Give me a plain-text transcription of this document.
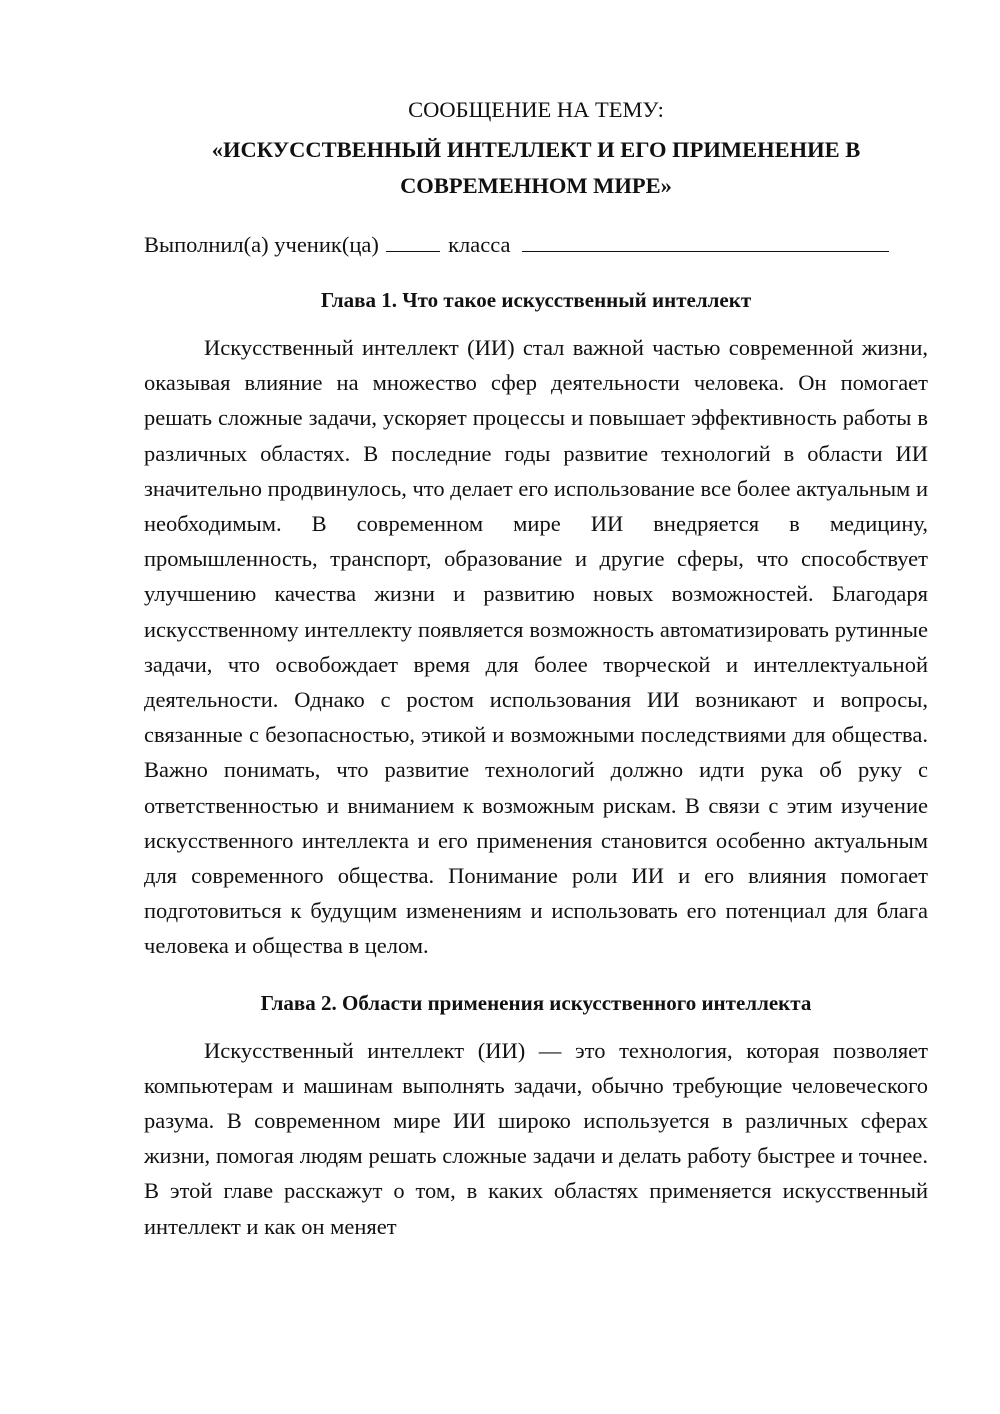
СООБЩЕНИЕ НА ТЕМУ:

«ИСКУССТВЕННЫЙ ИНТЕЛЛЕКТ И ЕГО ПРИМЕНЕНИЕ В
СОВРЕМЕННОМ МИРЕ»

Выполнил(а) ученик(ца)	класса

Глава 1. Что такое искусственный интеллект

Искусственный интеллект (ИИ) стал важной частью современной жизни, оказывая влияние на множество сфер деятельности человека. Он помогает решать сложные задачи, ускоряет процессы и повышает эффективность работы в различных областях. В последние годы развитие технологий в области ИИ значительно продвинулось, что делает его использование все более актуальным и необходимым. В современном мире ИИ внедряется в медицину, промышленность, транспорт, образование и другие сферы, что способствует улучшению качества жизни и развитию новых возможностей. Благодаря искусственному интеллекту появляется возможность автоматизировать рутинные задачи, что освобождает время для более творческой и интеллектуальной деятельности. Однако с ростом использования ИИ возникают и вопросы, связанные с безопасностью, этикой и возможными последствиями для общества. Важно понимать, что развитие технологий должно идти рука об руку с ответственностью и вниманием к возможным рискам. В связи с этим изучение искусственного интеллекта и его применения становится особенно актуальным для современного общества. Понимание роли ИИ и его влияния помогает подготовиться к будущим изменениям и использовать его потенциал для блага человека и общества в целом.

Глава 2. Области применения искусственного интеллекта

Искусственный интеллект (ИИ) — это технология, которая позволяет компьютерам и машинам выполнять задачи, обычно требующие человеческого разума. В современном мире ИИ широко используется в различных сферах жизни, помогая людям решать сложные задачи и делать работу быстрее и точнее. В этой главе расскажут о том, в каких областях применяется искусственный интеллект и как он меняет
